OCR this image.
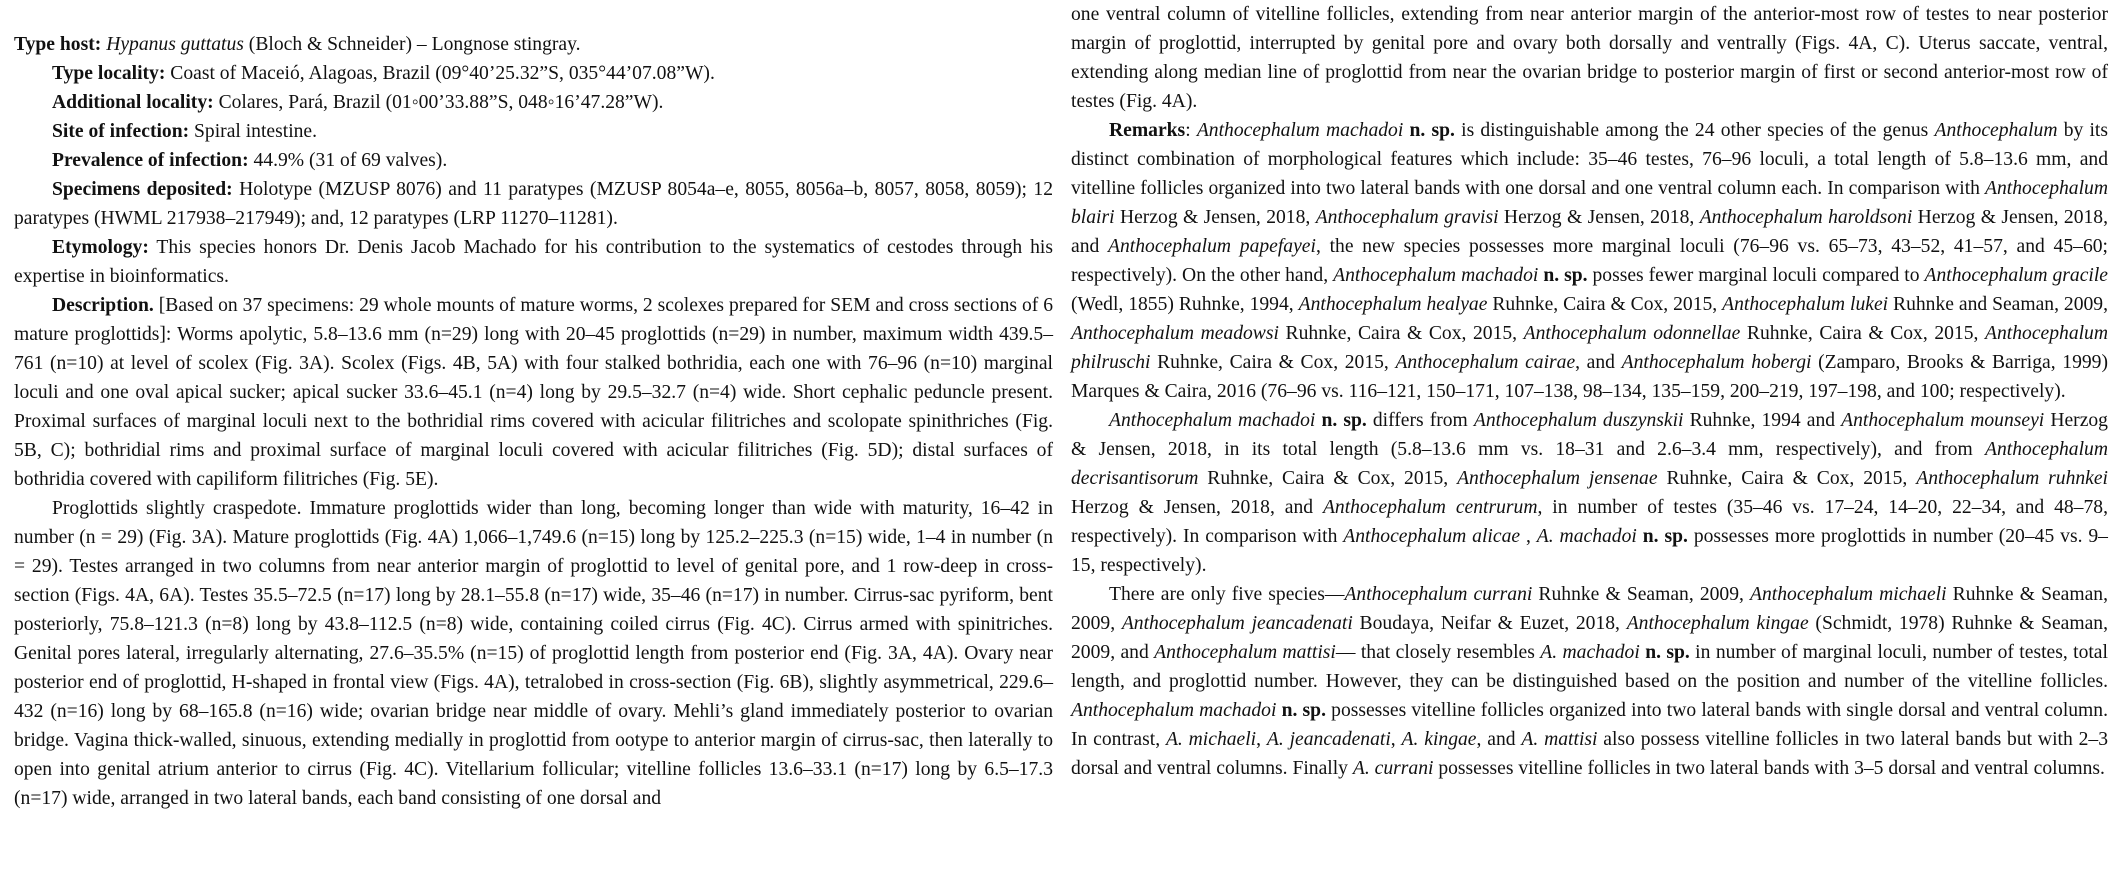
Type host: Hypanus guttatus (Bloch & Schneider) – Longnose stingray.

Type locality: Coast of Maceió, Alagoas, Brazil (09°40’25.32”S, 035°44’07.08”W).

Additional locality: Colares, Pará, Brazil (01◦00’33.88”S, 048◦16’47.28”W).

Site of infection: Spiral intestine.

Prevalence of infection: 44.9% (31 of 69 valves).

Specimens deposited: Holotype (MZUSP 8076) and 11 paratypes (MZUSP 8054a–e, 8055, 8056a–b, 8057, 8058, 8059); 12 paratypes (HWML 217938–217949); and, 12 paratypes (LRP 11270–11281).

Etymology: This species honors Dr. Denis Jacob Machado for his contribution to the systematics of cestodes through his expertise in bioinformatics.

Description. [Based on 37 specimens: 29 whole mounts of mature worms, 2 scolexes prepared for SEM and cross sections of 6 mature proglottids]: Worms apolytic, 5.8–13.6 mm (n=29) long with 20–45 proglottids (n=29) in number, maximum width 439.5–761 (n=10) at level of scolex (Fig. 3A). Scolex (Figs. 4B, 5A) with four stalked bothridia, each one with 76–96 (n=10) marginal loculi and one oval apical sucker; apical sucker 33.6–45.1 (n=4) long by 29.5–32.7 (n=4) wide. Short cephalic peduncle present. Proximal surfaces of marginal loculi next to the bothridial rims covered with acicular filitriches and scolopate spinithriches (Fig. 5B, C); bothridial rims and proximal surface of marginal loculi covered with acicular filitriches (Fig. 5D); distal surfaces of bothridia covered with capiliform filitriches (Fig. 5E).

Proglottids slightly craspedote. Immature proglottids wider than long, becoming longer than wide with maturity, 16–42 in number (n = 29) (Fig. 3A). Mature proglottids (Fig. 4A) 1,066–1,749.6 (n=15) long by 125.2–225.3 (n=15) wide, 1–4 in number (n = 29). Testes arranged in two columns from near anterior margin of proglottid to level of genital pore, and 1 row-deep in cross-section (Figs. 4A, 6A). Testes 35.5–72.5 (n=17) long by 28.1–55.8 (n=17) wide, 35–46 (n=17) in number. Cirrus-sac pyriform, bent posteriorly, 75.8–121.3 (n=8) long by 43.8–112.5 (n=8) wide, containing coiled cirrus (Fig. 4C). Cirrus armed with spinitriches. Genital pores lateral, irregularly alternating, 27.6–35.5% (n=15) of proglottid length from posterior end (Fig. 3A, 4A). Ovary near posterior end of proglottid, H-shaped in frontal view (Figs. 4A), tetralobed in cross-section (Fig. 6B), slightly asymmetrical, 229.6–432 (n=16) long by 68–165.8 (n=16) wide; ovarian bridge near middle of ovary. Mehli’s gland immediately posterior to ovarian bridge. Vagina thick-walled, sinuous, extending medially in proglottid from ootype to anterior margin of cirrus-sac, then laterally to open into genital atrium anterior to cirrus (Fig. 4C). Vitellarium follicular; vitelline follicles 13.6–33.1 (n=17) long by 6.5–17.3 (n=17) wide, arranged in two lateral bands, each band consisting of one dorsal and

one ventral column of vitelline follicles, extending from near anterior margin of the anterior-most row of testes to near posterior margin of proglottid, interrupted by genital pore and ovary both dorsally and ventrally (Figs. 4A, C). Uterus saccate, ventral, extending along median line of proglottid from near the ovarian bridge to posterior margin of first or second anterior-most row of testes (Fig. 4A).

Remarks: Anthocephalum machadoi n. sp. is distinguishable among the 24 other species of the genus Anthocephalum by its distinct combination of morphological features which include: 35–46 testes, 76–96 loculi, a total length of 5.8–13.6 mm, and vitelline follicles organized into two lateral bands with one dorsal and one ventral column each. In comparison with Anthocephalum blairi Herzog & Jensen, 2018, Anthocephalum gravisi Herzog & Jensen, 2018, Anthocephalum haroldsoni Herzog & Jensen, 2018, and Anthocephalum papefayei, the new species possesses more marginal loculi (76–96 vs. 65–73, 43–52, 41–57, and 45–60; respectively). On the other hand, Anthocephalum machadoi n. sp. posses fewer marginal loculi compared to Anthocephalum gracile (Wedl, 1855) Ruhnke, 1994, Anthocephalum healyae Ruhnke, Caira & Cox, 2015, Anthocephalum lukei Ruhnke and Seaman, 2009, Anthocephalum meadowsi Ruhnke, Caira & Cox, 2015, Anthocephalum odonnellae Ruhnke, Caira & Cox, 2015, Anthocephalum philruschi Ruhnke, Caira & Cox, 2015, Anthocephalum cairae, and Anthocephalum hobergi (Zamparo, Brooks & Barriga, 1999) Marques & Caira, 2016 (76–96 vs. 116–121, 150–171, 107–138, 98–134, 135–159, 200–219, 197–198, and 100; respectively).

Anthocephalum machadoi n. sp. differs from Anthocephalum duszynskii Ruhnke, 1994 and Anthocephalum mounseyi Herzog & Jensen, 2018, in its total length (5.8–13.6 mm vs. 18–31 and 2.6–3.4 mm, respectively), and from Anthocephalum decrisantisorum Ruhnke, Caira & Cox, 2015, Anthocephalum jensenae Ruhnke, Caira & Cox, 2015, Anthocephalum ruhnkei Herzog & Jensen, 2018, and Anthocephalum centrurum, in number of testes (35–46 vs. 17–24, 14–20, 22–34, and 48–78, respectively). In comparison with Anthocephalum alicae , A. machadoi n. sp. possesses more proglottids in number (20–45 vs. 9–15, respectively).

There are only five species—Anthocephalum currani Ruhnke & Seaman, 2009, Anthocephalum michaeli Ruhnke & Seaman, 2009, Anthocephalum jeancadenati Boudaya, Neifar & Euzet, 2018, Anthocephalum kingae (Schmidt, 1978) Ruhnke & Seaman, 2009, and Anthocephalum mattisi— that closely resembles A. machadoi n. sp. in number of marginal loculi, number of testes, total length, and proglottid number. However, they can be distinguished based on the position and number of the vitelline follicles. Anthocephalum machadoi n. sp. possesses vitelline follicles organized into two lateral bands with single dorsal and ventral column. In contrast, A. michaeli, A. jeancadenati, A. kingae, and A. mattisi also possess vitelline follicles in two lateral bands but with 2–3 dorsal and ventral columns. Finally A. currani possesses vitelline follicles in two lateral bands with 3–5 dorsal and ventral columns.
